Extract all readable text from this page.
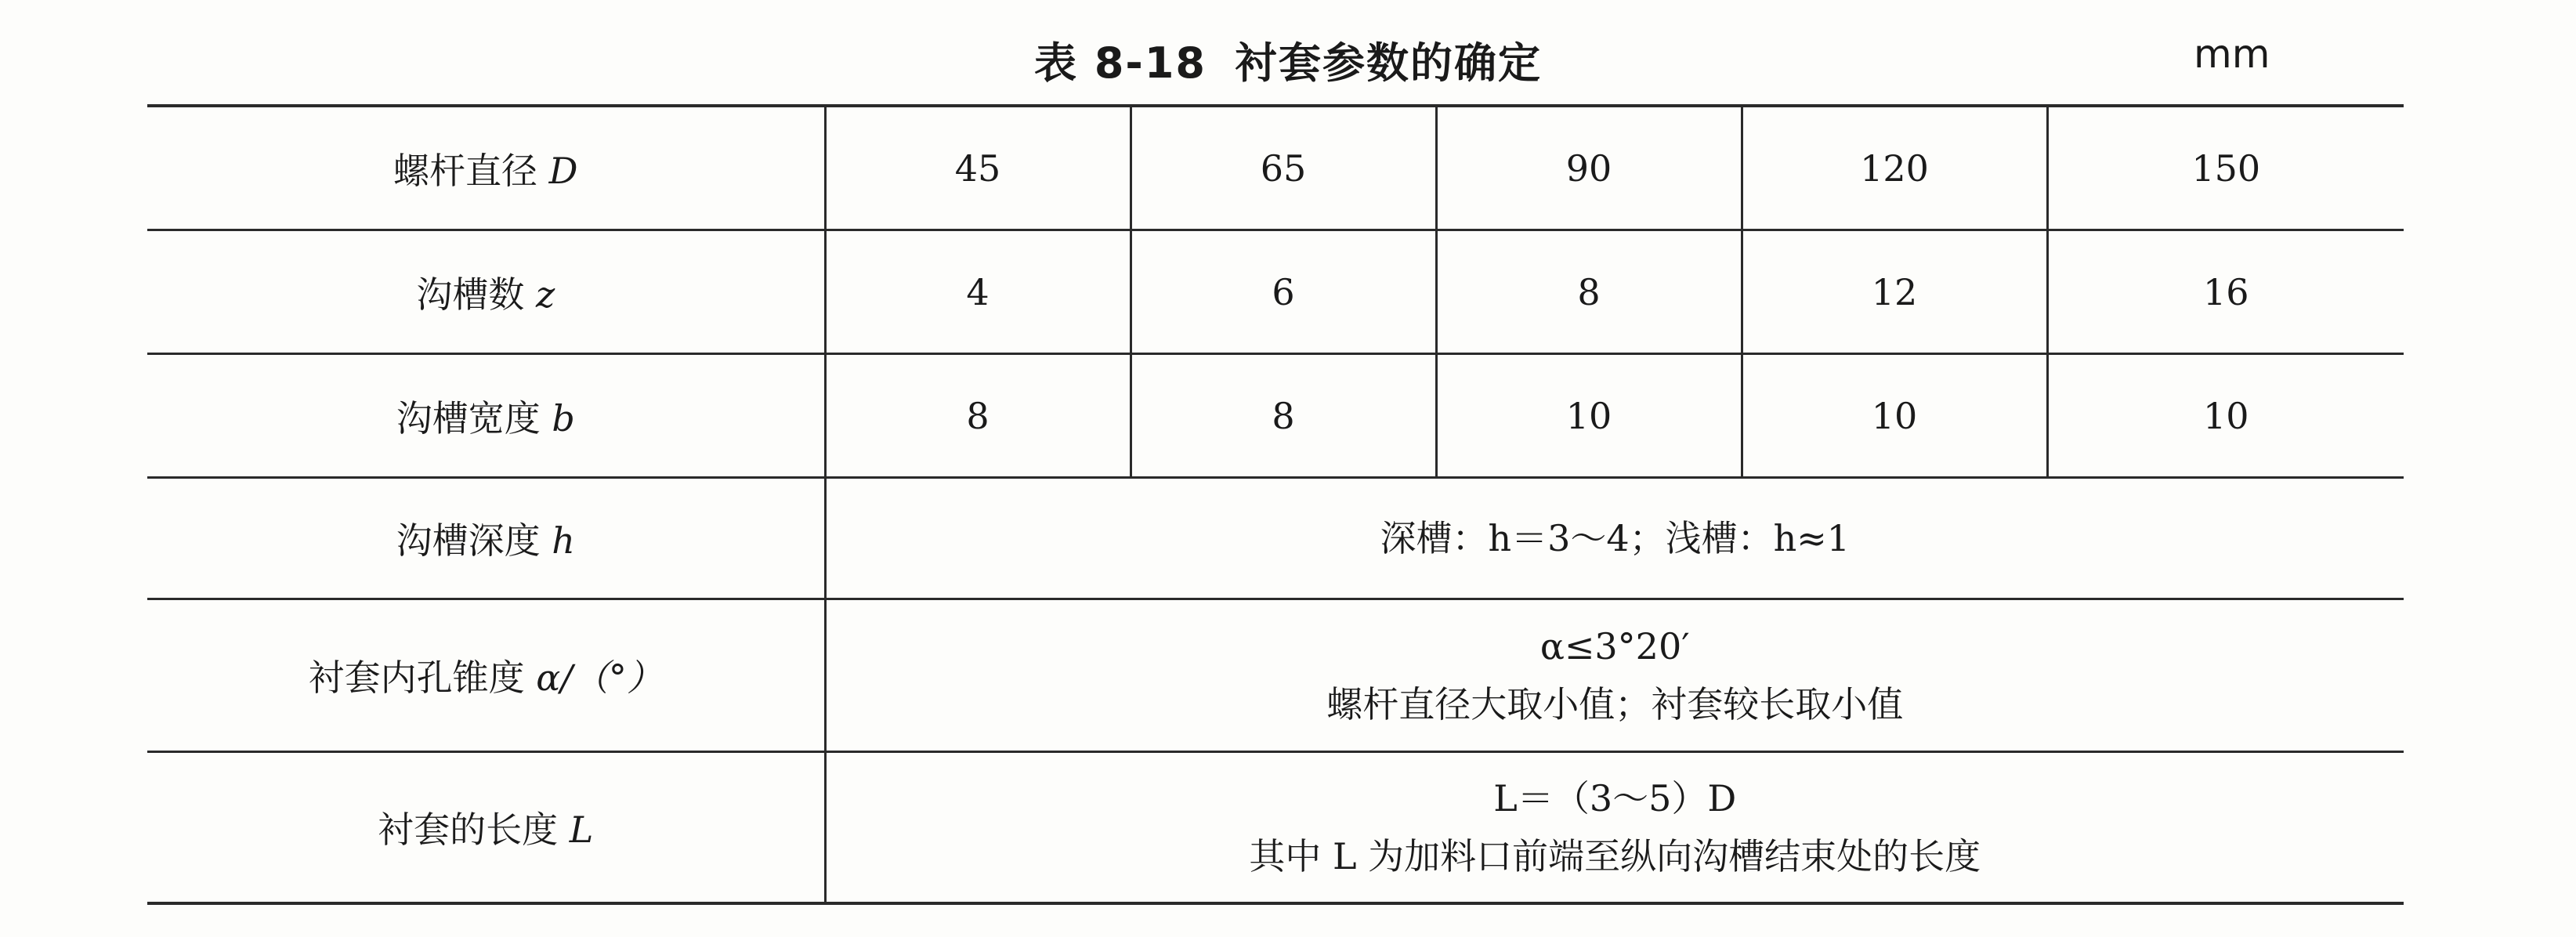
表 8-18 衬套参数的确定	mm
螺杆直径 D	45	65	90	120	150
沟槽数 z	4	6	8	12	16
沟槽宽度 b	8	8	10	10	10
沟槽深度 h	深槽：h＝3～4；浅槽：h≈1				

衬套内孔锥度 α/（°）	α≤3°20′
螺杆直径大取小值；衬套较长取小值				

衬套的长度 L	L＝（3～5）D
其中 L 为加料口前端至纵向沟槽结束处的长度				
